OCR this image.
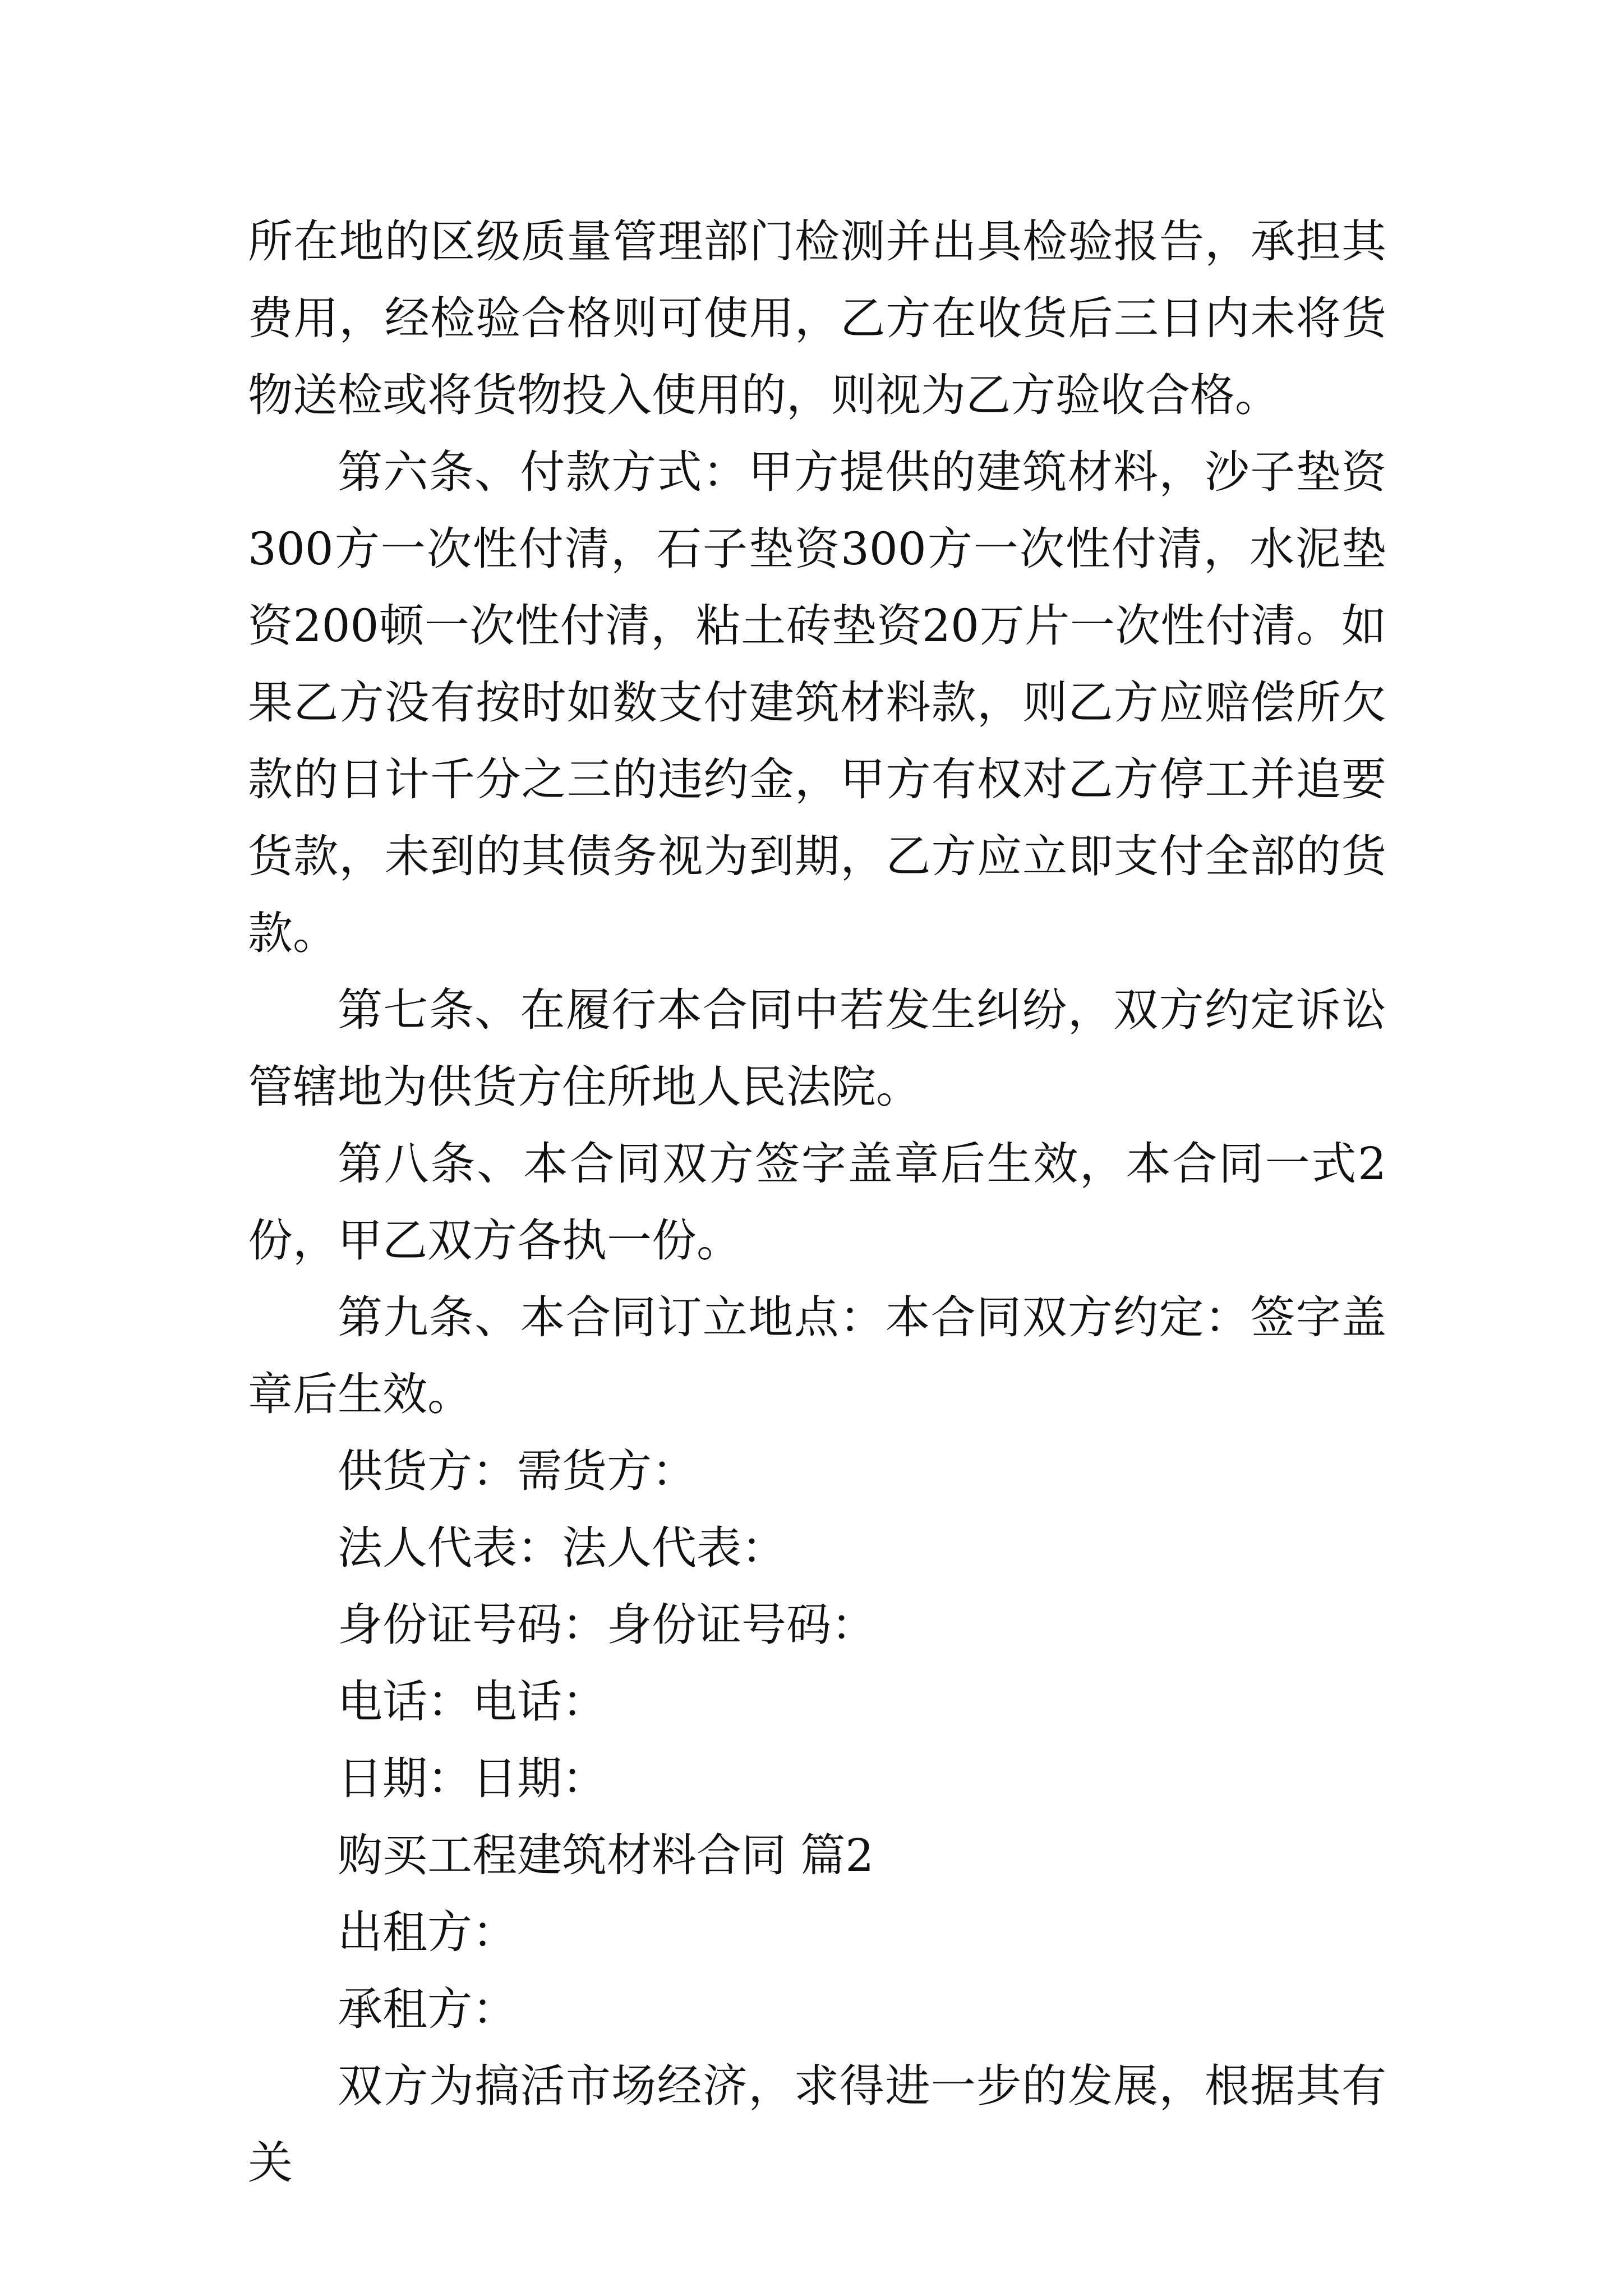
所在地的区级质量管理部门检测并出具检验报告，承担其费用，经检验合格则可使用，乙方在收货后三日内未将货物送检或将货物投入使用的，则视为乙方验收合格。

第六条、付款方式：甲方提供的建筑材料，沙子垫资300方一次性付清，石子垫资300方一次性付清，水泥垫资200顿一次性付清，粘土砖垫资20万片一次性付清。如果乙方没有按时如数支付建筑材料款，则乙方应赔偿所欠款的日计千分之三的违约金，甲方有权对乙方停工并追要货款，未到的其债务视为到期，乙方应立即支付全部的货款。

第七条、在履行本合同中若发生纠纷，双方约定诉讼管辖地为供货方住所地人民法院。

第八条、本合同双方签字盖章后生效，本合同一式2份，甲乙双方各执一份。

第九条、本合同订立地点：本合同双方约定：签字盖章后生效。

供货方：需货方：

法人代表：法人代表：

身份证号码：身份证号码：

电话：电话：

日期：日期：

购买工程建筑材料合同 篇2

出租方：

承租方：

双方为搞活市场经济，求得进一步的发展，根据其有关
